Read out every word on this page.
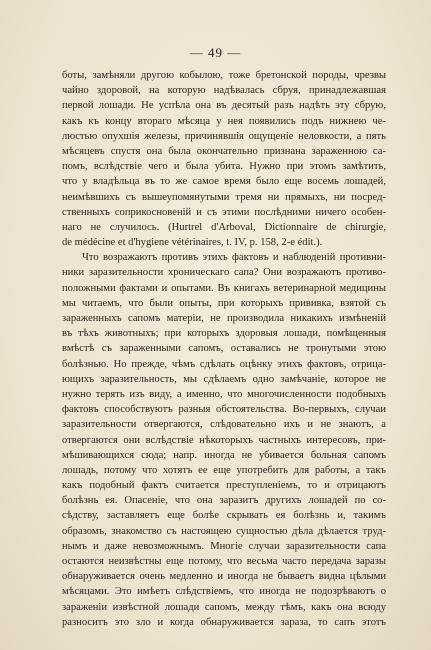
— 49 —
боты, замѣняли другою кобылою, тоже бретонской породы, чрезвы
чайно здоровой, на которую надѣвалась сбруя, принадлежавшая
первой лошади. Не успѣла она въ десятый разъ надѣть эту сбрую,
какъ къ концу втораго мѣсяца у нея появились подъ нижнею че-
люстью опухшія железы, причинявшія ощущеніе неловкости, а пять
мѣсяцевъ спустя она была окончательно признана зараженною са-
помъ, вслѣдствіе чего и была убита. Нужно при этомъ замѣтить,
что у владѣльца въ то же самое время было еще восемь лошадей,
неимѣвшихъ съ вышеупомянутыми тремя ни прямыхъ, ни посред-
ственныхъ соприкосновеній и съ этими послѣдними ничего особен-
наго не случилось. (Hurtrel d'Arboval, Dictionnaire de chirurgie,
de médécine et d'hygiene vétérinaires, t. IV, p. 158, 2-е édit.).
Что возражаютъ противъ этихъ фактовъ и наблюденій противни-
ники заразительности хроническаго сапа? Они возражаютъ противо-
положными фактами и опытами. Въ книгахъ ветеринарной медицины
мы читаемъ, что были опыты, при которыхъ прививка, взятой съ
зараженныхъ сапомъ матеріи, не производила никакихъ измѣненій
въ тѣхъ животныхъ; при которыхъ здоровыя лошади, помѣщенныя
вмѣстѣ съ зараженными сапомъ, оставались не тронутыми этою
болѣзнью. Но прежде, чѣмъ сдѣлать оцѣнку этихъ фактовъ, отрица-
ющихъ заразительность, мы сдѣлаемъ одно замѣчаніе, которое не
нужно терять изъ виду, а именно, что многочисленности подобныхъ
фактовъ способствуютъ разныя обстоятельства. Во-первыхъ, случаи
заразительности отвергаются, слѣдовательно ихъ и не знаютъ, а
отвергаются они вслѣдствіе нѣкоторыхъ частныхъ интересовъ, при-
мѣшивающихся сюда; напр. иногда не убивается больная сапомъ
лошадь, потому что хотятъ ее еще употребить для работы, а такъ
какъ подобный фактъ считается преступленіемъ, то и отрицаютъ
болѣзнь ея. Опасеніе, что она заразитъ другихъ лошадей по со-
сѣдству, заставляетъ еще болѣе скрывать ея болѣзнь и, такимъ
образомъ, знакомство съ настоящею сущностью дѣла дѣлается труд-
нымъ и даже невозможнымъ. Многіе случаи заразительности сапа
остаются неизвѣстны еще потому, что весьма часто передача заразы
обнаруживается очень медленно и иногда не бываетъ видна цѣлыми
мѣсяцами. Это имѣетъ слѣдствіемъ, что иногда не подозрѣваютъ о
зараженіи извѣстной лошади сапомъ, между тѣмъ, какъ она всюду
разноситъ это зло и когда обнаруживается зараза, то сапъ этотъ
